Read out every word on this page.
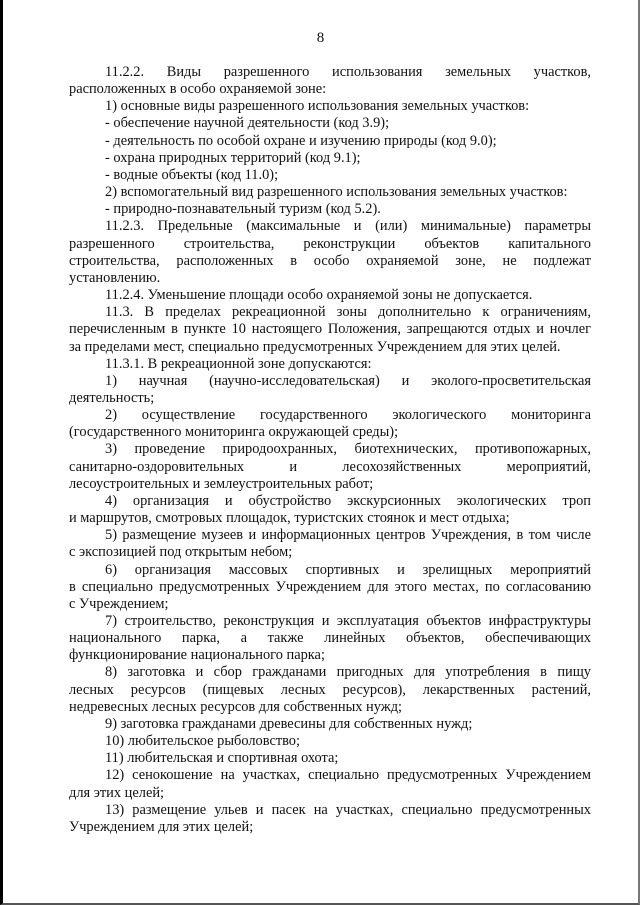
8

11.2.2. Виды разрешенного использования земельных участков,

расположенных в особо охраняемой зоне:

1) основные виды разрешенного использования земельных участков:

- обеспечение научной деятельности (код 3.9);

- деятельность по особой охране и изучению природы (код 9.0);

- охрана природных территорий (код 9.1);

- водные объекты (код 11.0);

2) вспомогательный вид разрешенного использования земельных участков:

- природно-познавательный туризм (код 5.2).

11.2.3. Предельные (максимальные и (или) минимальные) параметры

разрешенного строительства, реконструкции объектов капитального

строительства, расположенных в особо охраняемой зоне, не подлежат

установлению.

11.2.4. Уменьшение площади особо охраняемой зоны не допускается.

11.3. В пределах рекреационной зоны дополнительно к ограничениям,

перечисленным в пункте 10 настоящего Положения, запрещаются отдых и ночлег

за пределами мест, специально предусмотренных Учреждением для этих целей.

11.3.1. В рекреационной зоне допускаются:

1) научная (научно-исследовательская) и эколого-просветительская

деятельность;

2) осуществление государственного экологического мониторинга

(государственного мониторинга окружающей среды);

3) проведение природоохранных, биотехнических, противопожарных,

санитарно-оздоровительных и лесохозяйственных мероприятий,

лесоустроительных и землеустроительных работ;

4) организация и обустройство экскурсионных экологических троп

и маршрутов, смотровых площадок, туристских стоянок и мест отдыха;

5) размещение музеев и информационных центров Учреждения, в том числе

с экспозицией под открытым небом;

6) организация массовых спортивных и зрелищных мероприятий

в специально предусмотренных Учреждением для этого местах, по согласованию

с Учреждением;

7) строительство, реконструкция и эксплуатация объектов инфраструктуры

национального парка, а также линейных объектов, обеспечивающих

функционирование национального парка;

8) заготовка и сбор гражданами пригодных для употребления в пищу

лесных ресурсов (пищевых лесных ресурсов), лекарственных растений,

недревесных лесных ресурсов для собственных нужд;

9) заготовка гражданами древесины для собственных нужд;

10) любительское рыболовство;

11) любительская и спортивная охота;

12) сенокошение на участках, специально предусмотренных Учреждением

для этих целей;

13) размещение ульев и пасек на участках, специально предусмотренных

Учреждением для этих целей;
